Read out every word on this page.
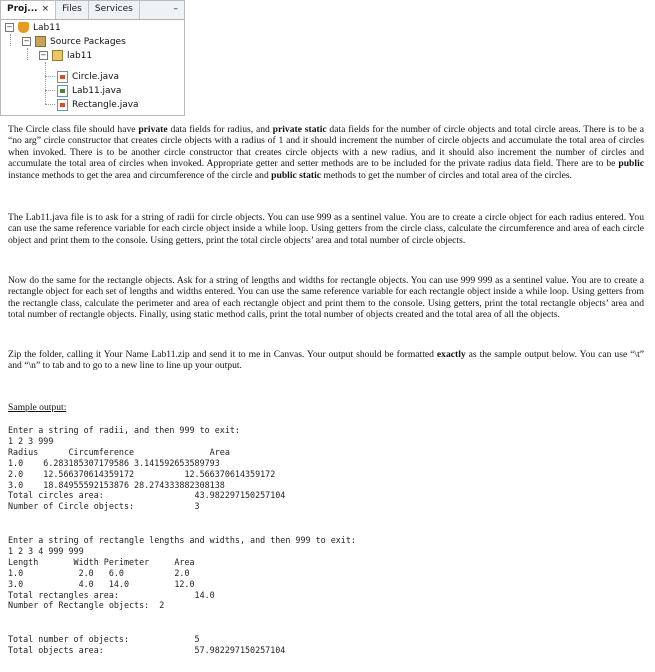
Proj... ×	Files	Services	–
− Lab11
− Source Packages
− lab11
Circle.java
Lab11.java
Rectangle.java
The Circle class file should have private data fields for radius, and private static data fields for the number of circle objects and total circle areas. There is to be a “no arg” circle constructor that creates circle objects with a radius of 1 and it should increment the number of circle objects and accumulate the total area of circles when invoked. There is to be another circle constructor that creates circle objects with a new radius, and it should also increment the number of circles and accumulate the total area of circles when invoked. Appropriate getter and setter methods are to be included for the private radius data field. There are to be public instance methods to get the area and circumference of the circle and public static methods to get the number of circles and total area of the circles.
The Lab11.java file is to ask for a string of radii for circle objects. You can use 999 as a sentinel value. You are to create a circle object for each radius entered. You can use the same reference variable for each circle object inside a while loop. Using getters from the circle class, calculate the circumference and area of each circle object and print them to the console. Using getters, print the total circle objects’ area and total number of circle objects.
Now do the same for the rectangle objects. Ask for a string of lengths and widths for rectangle objects. You can use 999 999 as a sentinel value. You are to create a rectangle object for each set of lengths and widths entered. You can use the same reference variable for each rectangle object inside a while loop. Using getters from the rectangle class, calculate the perimeter and area of each rectangle object and print them to the console. Using getters, print the total rectangle objects’ area and total number of rectangle objects. Finally, using static method calls, print the total number of objects created and the total area of all the objects.
Zip the folder, calling it Your Name Lab11.zip and send it to me in Canvas. Your output should be formatted exactly as the sample output below. You can use “\t” and “\n” to tab and to go to a new line to line up your output.
Sample output:
Enter a string of radii, and then 999 to exit:
1 2 3 999
Radius      Circumference               Area
1.0    6.283185307179586 3.141592653589793
2.0    12.566370614359172          12.566370614359172
3.0    18.84955592153876 28.274333882308138
Total circles area:                  43.982297150257104
Number of Circle objects:            3
Enter a string of rectangle lengths and widths, and then 999 to exit:
1 2 3 4 999 999
Length       Width Perimeter     Area
1.0           2.0   6.0          2.0
3.0           4.0   14.0         12.0
Total rectangles area:               14.0
Number of Rectangle objects:  2
Total number of objects:             5
Total objects area:                  57.982297150257104
